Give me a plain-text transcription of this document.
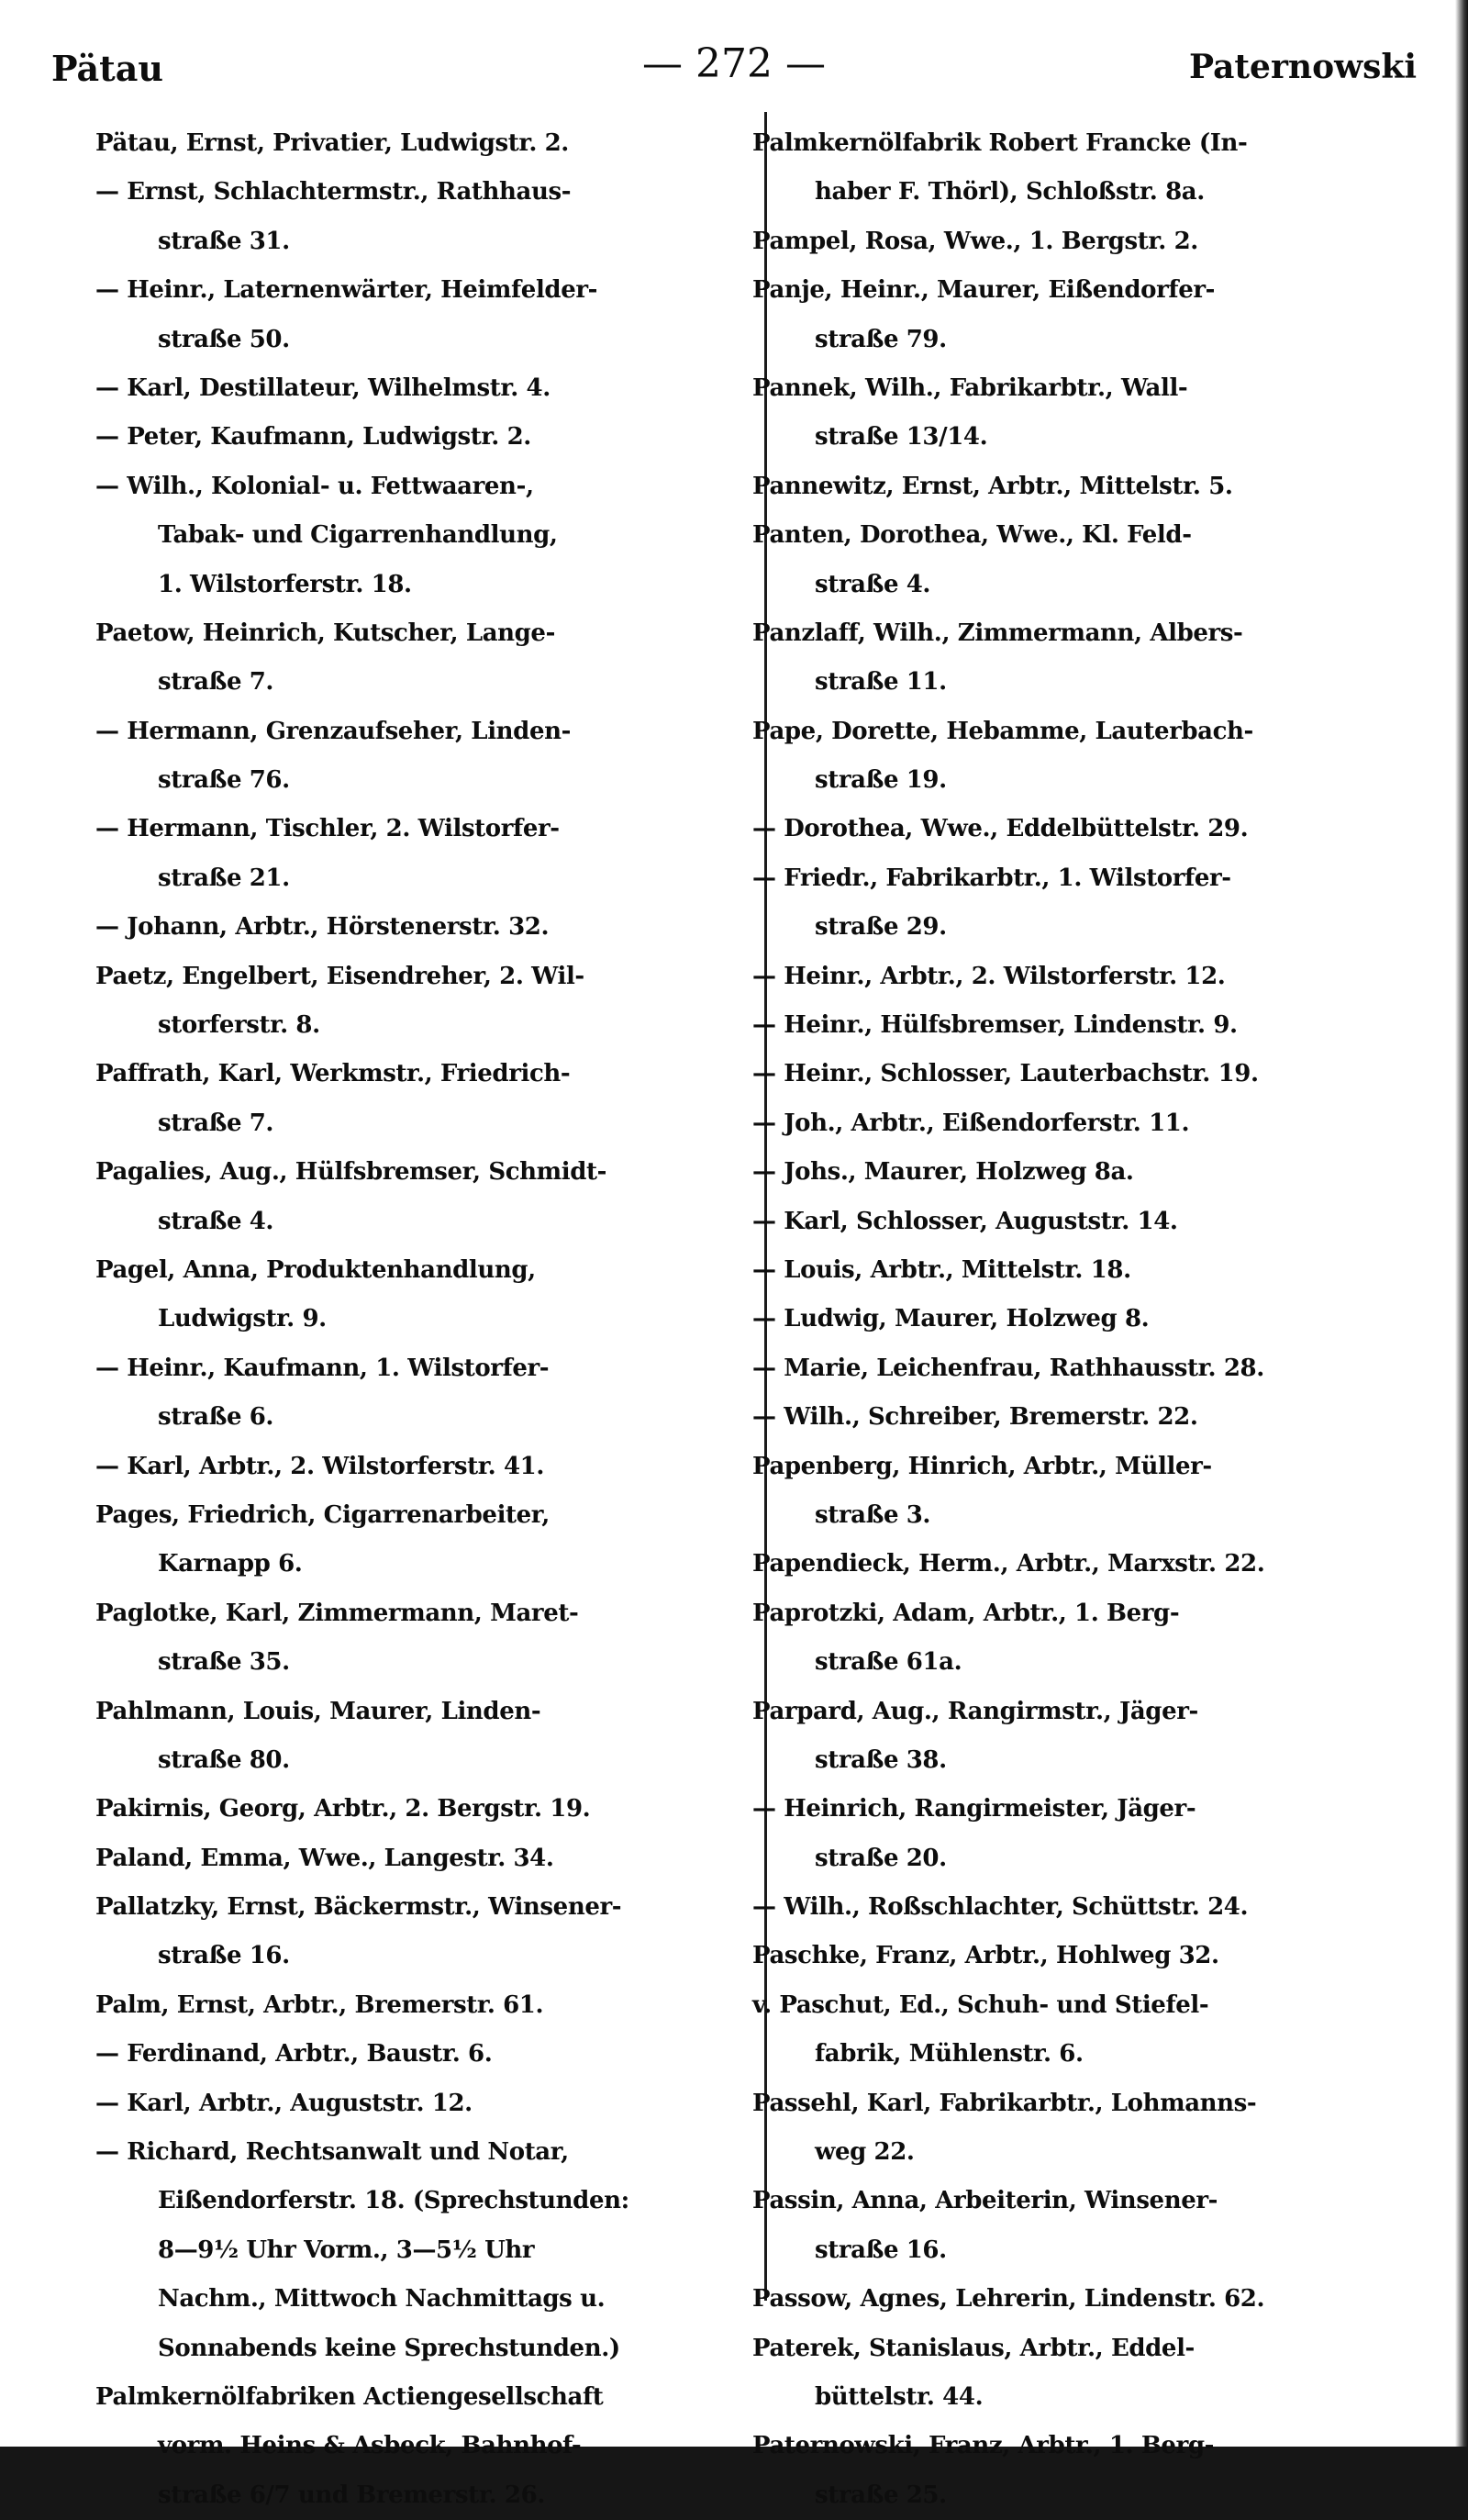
Pätau	— 272 —	Paternowski
Pätau, Ernst, Privatier, Ludwigstr. 2.
— Ernst, Schlachtermstr., Rathhaus-
straße 31.
— Heinr., Laternenwärter, Heimfelder-
straße 50.
— Karl, Destillateur, Wilhelmstr. 4.
— Peter, Kaufmann, Ludwigstr. 2.
— Wilh., Kolonial- u. Fettwaaren-,
Tabak- und Cigarrenhandlung,
1. Wilstorferstr. 18.
Paetow, Heinrich, Kutscher, Lange-
straße 7.
— Hermann, Grenzaufseher, Linden-
straße 76.
— Hermann, Tischler, 2. Wilstorfer-
straße 21.
— Johann, Arbtr., Hörstenerstr. 32.
Paetz, Engelbert, Eisendreher, 2. Wil-
storferstr. 8.
Paffrath, Karl, Werkmstr., Friedrich-
straße 7.
Pagalies, Aug., Hülfsbremser, Schmidt-
straße 4.
Pagel, Anna, Produktenhandlung,
Ludwigstr. 9.
— Heinr., Kaufmann, 1. Wilstorfer-
straße 6.
— Karl, Arbtr., 2. Wilstorferstr. 41.
Pages, Friedrich, Cigarrenarbeiter,
Karnapp 6.
Paglotke, Karl, Zimmermann, Maret-
straße 35.
Pahlmann, Louis, Maurer, Linden-
straße 80.
Pakirnis, Georg, Arbtr., 2. Bergstr. 19.
Paland, Emma, Wwe., Langestr. 34.
Pallatzky, Ernst, Bäckermstr., Winsener-
straße 16.
Palm, Ernst, Arbtr., Bremerstr. 61.
— Ferdinand, Arbtr., Baustr. 6.
— Karl, Arbtr., Auguststr. 12.
— Richard, Rechtsanwalt und Notar,
Eißendorferstr. 18. (Sprechstunden:
8—9½ Uhr Vorm., 3—5½ Uhr
Nachm., Mittwoch Nachmittags u.
Sonnabends keine Sprechstunden.)
Palmkernölfabriken Actiengesellschaft
vorm. Heins & Asbeck, Bahnhof-
straße 6/7 und Bremerstr. 26.
Palmkernölfabrik Robert Francke (In-
haber F. Thörl), Schloßstr. 8a.
Pampel, Rosa, Wwe., 1. Bergstr. 2.
Panje, Heinr., Maurer, Eißendorfer-
straße 79.
Pannek, Wilh., Fabrikarbtr., Wall-
straße 13/14.
Pannewitz, Ernst, Arbtr., Mittelstr. 5.
Panten, Dorothea, Wwe., Kl. Feld-
straße 4.
Panzlaff, Wilh., Zimmermann, Albers-
straße 11.
Pape, Dorette, Hebamme, Lauterbach-
straße 19.
— Dorothea, Wwe., Eddelbüttelstr. 29.
— Friedr., Fabrikarbtr., 1. Wilstorfer-
straße 29.
— Heinr., Arbtr., 2. Wilstorferstr. 12.
— Heinr., Hülfsbremser, Lindenstr. 9.
— Heinr., Schlosser, Lauterbachstr. 19.
— Joh., Arbtr., Eißendorferstr. 11.
— Johs., Maurer, Holzweg 8a.
— Karl, Schlosser, Auguststr. 14.
— Louis, Arbtr., Mittelstr. 18.
— Ludwig, Maurer, Holzweg 8.
— Marie, Leichenfrau, Rathhausstr. 28.
— Wilh., Schreiber, Bremerstr. 22.
Papenberg, Hinrich, Arbtr., Müller-
straße 3.
Papendieck, Herm., Arbtr., Marxstr. 22.
Paprotzki, Adam, Arbtr., 1. Berg-
straße 61a.
Parpard, Aug., Rangirmstr., Jäger-
straße 38.
— Heinrich, Rangirmeister, Jäger-
straße 20.
— Wilh., Roßschlachter, Schüttstr. 24.
Paschke, Franz, Arbtr., Hohlweg 32.
v. Paschut, Ed., Schuh- und Stiefel-
fabrik, Mühlenstr. 6.
Passehl, Karl, Fabrikarbtr., Lohmanns-
weg 22.
Passin, Anna, Arbeiterin, Winsener-
straße 16.
Passow, Agnes, Lehrerin, Lindenstr. 62.
Paterek, Stanislaus, Arbtr., Eddel-
büttelstr. 44.
Paternowski, Franz, Arbtr., 1. Berg-
straße 25.
